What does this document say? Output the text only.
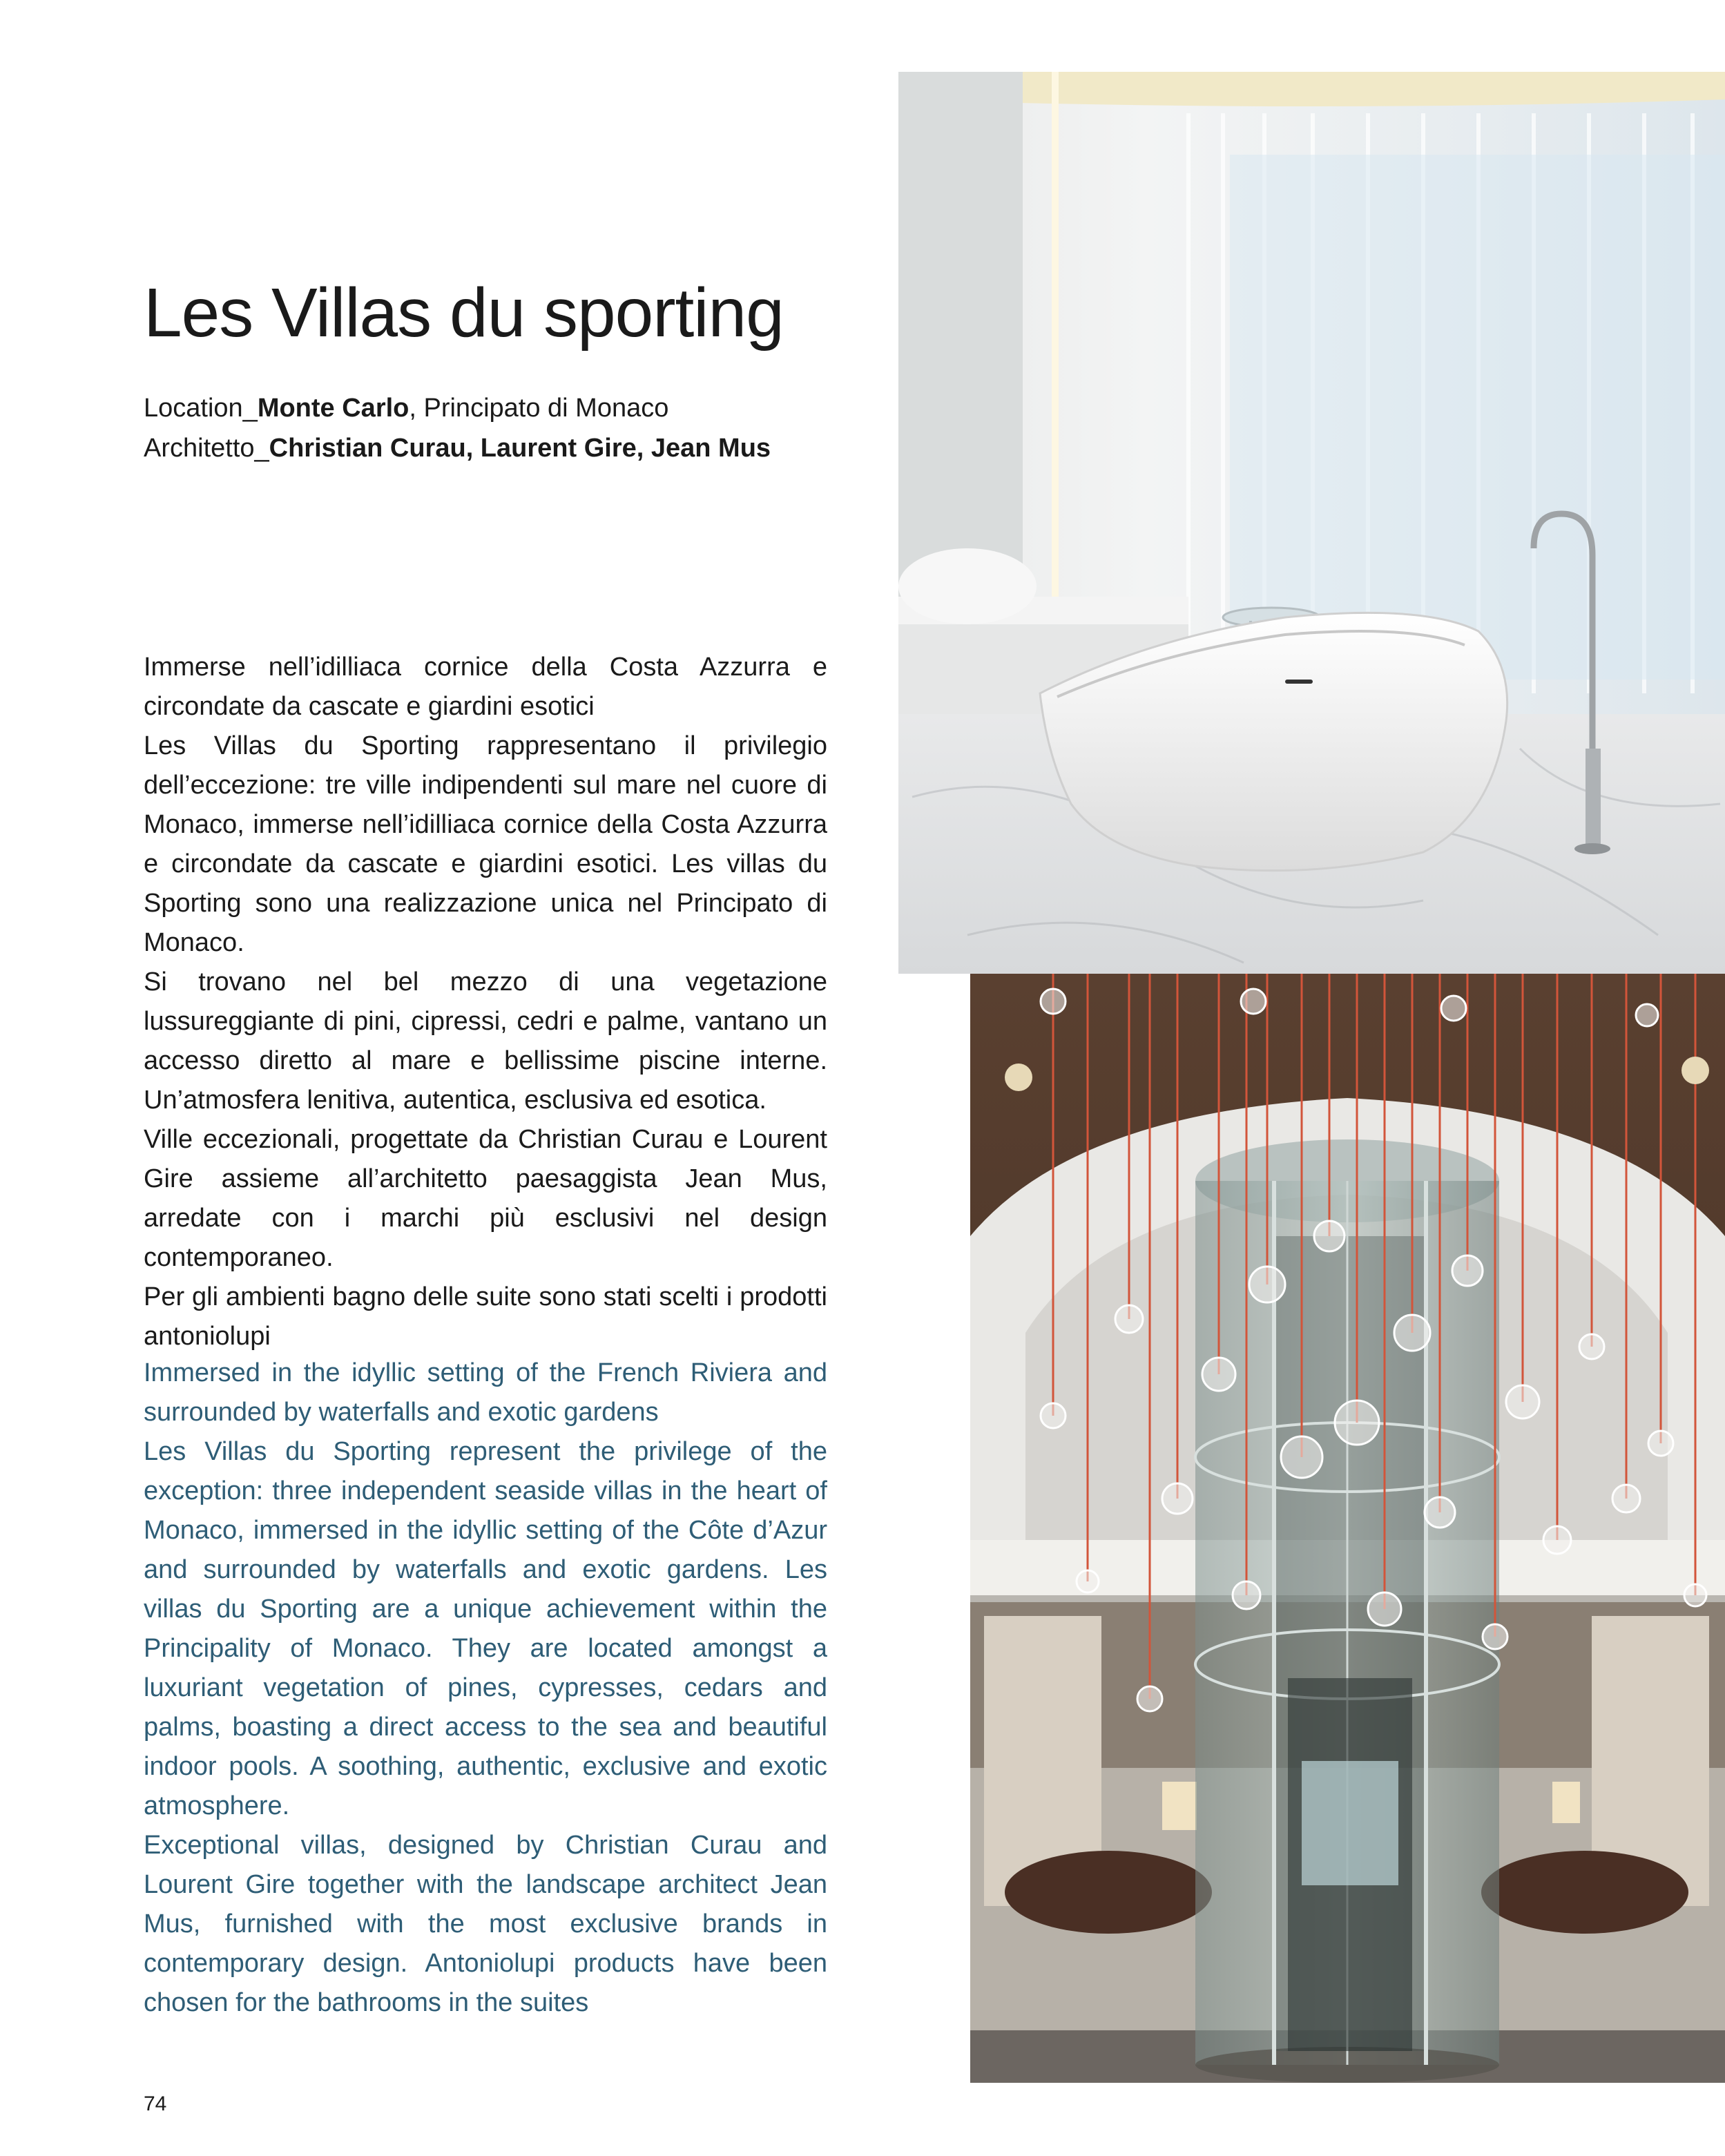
Les Villas du sporting
Location_Monte Carlo, Principato di Monaco
Architetto_Christian Curau, Laurent Gire, Jean Mus

Immerse nell’idilliaca cornice della Costa Azzurra e circondate da cascate e giardini esotici

Les Villas du Sporting rappresentano il privilegio dell’eccezione: tre ville indipendenti sul mare nel cuore di Monaco, immerse nell’idilliaca cornice della Costa Azzurra e circondate da cascate e giardini esotici. Les villas du Sporting sono una realizzazione unica nel Principato di Monaco.

Si trovano nel bel mezzo di una vegetazione lussureggiante di pini, cipressi, cedri e palme, vantano un accesso diretto al mare e bellissime piscine interne. Un’atmosfera lenitiva, autentica, esclusiva ed esotica.

Ville eccezionali, progettate da Christian Curau e Lourent Gire assieme all’architetto paesaggista Jean Mus, arredate con i marchi più esclusivi nel design contemporaneo.

Per gli ambienti bagno delle suite sono stati scelti i prodotti antoniolupi

Immersed in the idyllic setting of the French Riviera and surrounded by waterfalls and exotic gardens

Les Villas du Sporting represent the privilege of the exception: three independent seaside villas in the heart of Monaco, immersed in the idyllic setting of the Côte d’Azur and surrounded by waterfalls and exotic gardens. Les villas du Sporting are a unique achievement within the Principality of Monaco. They are located amongst a luxuriant vegetation of pines, cypresses, cedars and palms, boasting a direct access to the sea and beautiful indoor pools. A soothing, authentic, exclusive and exotic atmosphere.

Exceptional villas, designed by Christian Curau and Lourent Gire together with the landscape architect Jean Mus, furnished with the most exclusive brands in contemporary design. Antoniolupi products have been chosen for the bathrooms in the suites

74
